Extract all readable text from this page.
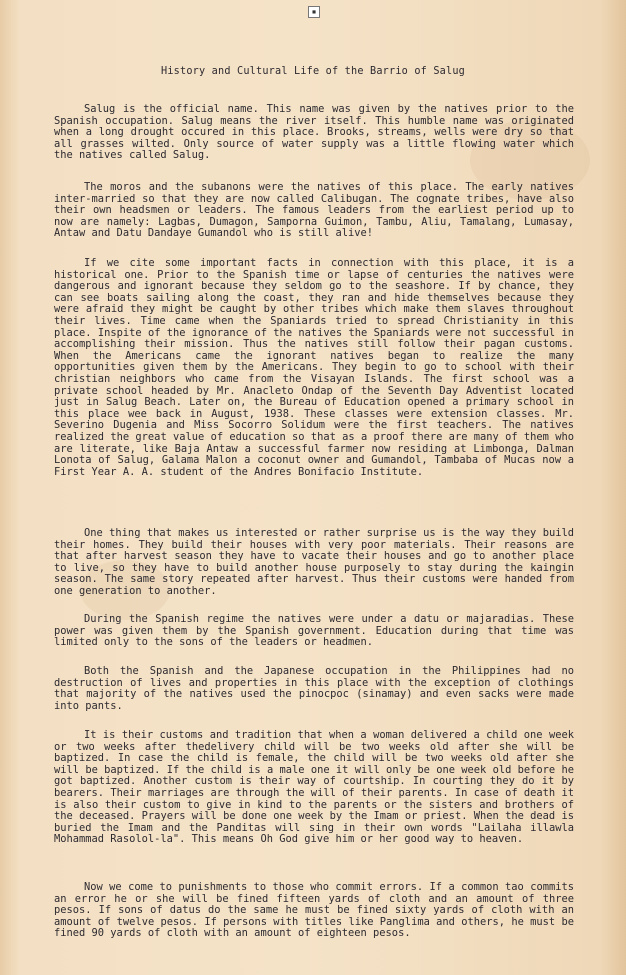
▪
History and Cultural Life of the Barrio of Salug
Salug is the official name. This name was given by the natives prior to the Spanish occupation. Salug means the river itself. This humble name was originated when a long drought occured in this place. Brooks, streams, wells were dry so that all grasses wilted. Only source of water supply was a little flowing water which the natives called Salug.
The moros and the subanons were the natives of this place. The early natives inter-married so that they are now called Calibugan. The cognate tribes, have also their own headsmen or leaders. The famous leaders from the earliest period up to now are namely: Lagbas, Dumagon, Samporna Guimon, Tambu, Aliu, Tamalang, Lumasay, Antaw and Datu Dandaye Gumandol who is still alive!
If we cite some important facts in connection with this place, it is a historical one. Prior to the Spanish time or lapse of centuries the natives were dangerous and ignorant because they seldom go to the seashore. If by chance, they can see boats sailing along the coast, they ran and hide themselves because they were afraid they might be caught by other tribes which make them slaves throughout their lives. Time came when the Spaniards tried to spread Christianity in this place. Inspite of the ignorance of the natives the Spaniards were not successful in accomplishing their mission. Thus the natives still follow their pagan customs. When the Americans came the ignorant natives began to realize the many opportunities given them by the Americans. They begin to go to school with their christian neighbors who came from the Visayan Islands. The first school was a private school headed by Mr. Anacleto Ondap of the Seventh Day Adventist located just in Salug Beach. Later on, the Bureau of Education opened a primary school in this place wee back in August, 1938. These classes were extension classes. Mr. Severino Dugenia and Miss Socorro Solidum were the first teachers. The natives realized the great value of education so that as a proof there are many of them who are literate, like Baja Antaw a successful farmer now residing at Limbonga, Dalman Lonota of Salug, Galama Malon a coconut owner and Gumandol, Tambaba of Mucas now a First Year A. A. student of the Andres Bonifacio Institute.
One thing that makes us interested or rather surprise us is the way they build their homes. They build their houses with very poor materials. Their reasons are that after harvest season they have to vacate their houses and go to another place to live, so they have to build another house purposely to stay during the kaingin season. The same story repeated after harvest. Thus their customs were handed from one generation to another.
During the Spanish regime the natives were under a datu or majaradias. These power was given them by the Spanish government. Education during that time was limited only to the sons of the leaders or headmen.
Both the Spanish and the Japanese occupation in the Philippines had no destruction of lives and properties in this place with the exception of clothings that majority of the natives used the pinocpoc (sinamay) and even sacks were made into pants.
It is their customs and tradition that when a woman delivered a child one week or two weeks after thedelivery child will be two weeks old after she will be baptized. In case the child is female, the child will be two weeks old after she will be baptized. If the child is a male one it will only be one week old before he got baptized. Another custom is their way of courtship. In courting they do it by bearers. Their marriages are through the will of their parents. In case of death it is also their custom to give in kind to the parents or the sisters and brothers of the deceased. Prayers will be done one week by the Imam or priest. When the dead is buried the Imam and the Panditas will sing in their own words "Lailaha illawla Mohammad Rasolol-la". This means Oh God give him or her good way to heaven.
Now we come to punishments to those who commit errors. If a common tao commits an error he or she will be fined fifteen yards of cloth and an amount of three pesos. If sons of datus do the same he must be fined sixty yards of cloth with an amount of twelve pesos. If persons with titles like Panglima and others, he must be fined 90 yards of cloth with an amount of eighteen pesos.
